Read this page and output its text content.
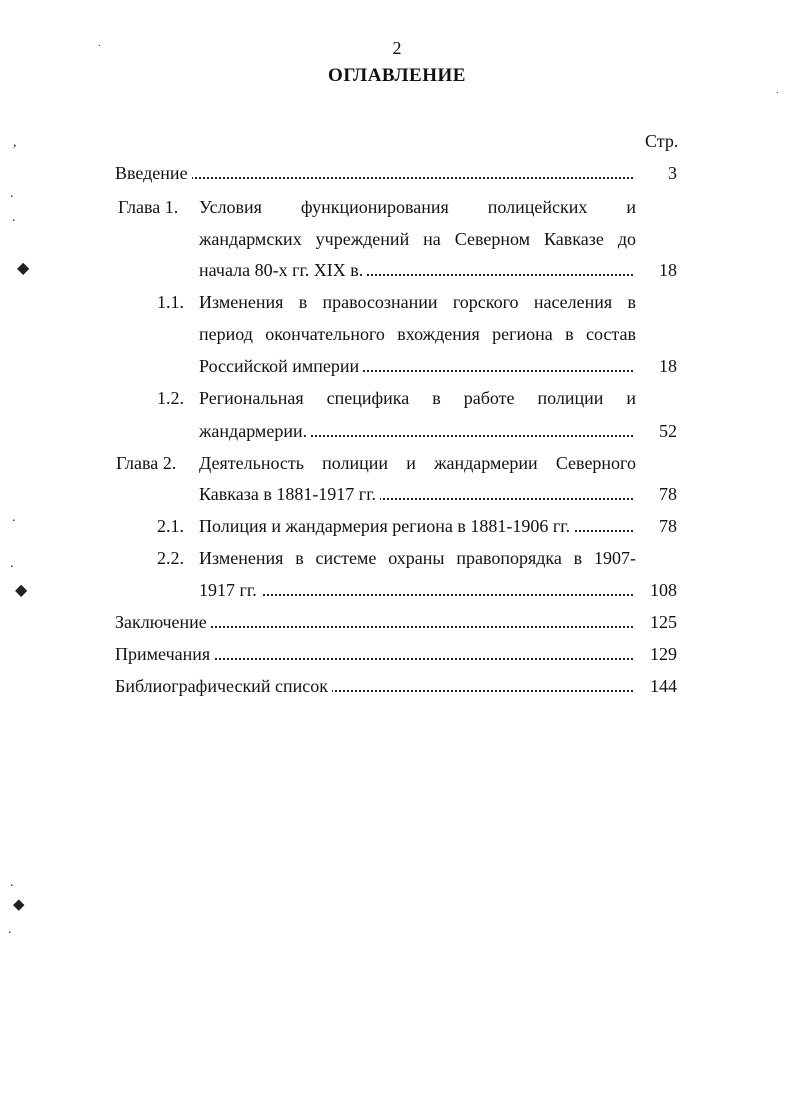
2
ОГЛАВЛЕНИЕ
Стр.
Введение	3
Глава 1. Условия функционирования полицейских и
жандармских учреждений на Северном Кавказе до
начала 80-х гг. XIX в.	18
1.1. Изменения в правосознании горского населения в
период окончательного вхождения региона в состав
Российской империи	18
1.2. Региональная специфика в работе полиции и
жандармерии.	52
Глава 2. Деятельность полиции и жандармерии Северного
Кавказа в 1881-1917 гг.	78
2.1. Полиция и жандармерия региона в 1881-1906 гг.	78
2.2. Изменения в системе охраны правопорядка в 1907-
1917 гг.	108
Заключение	125
Примечания	129
Библиографический список	144
,
.
.
◆
.
.
◆
.
◆
.
.
.
